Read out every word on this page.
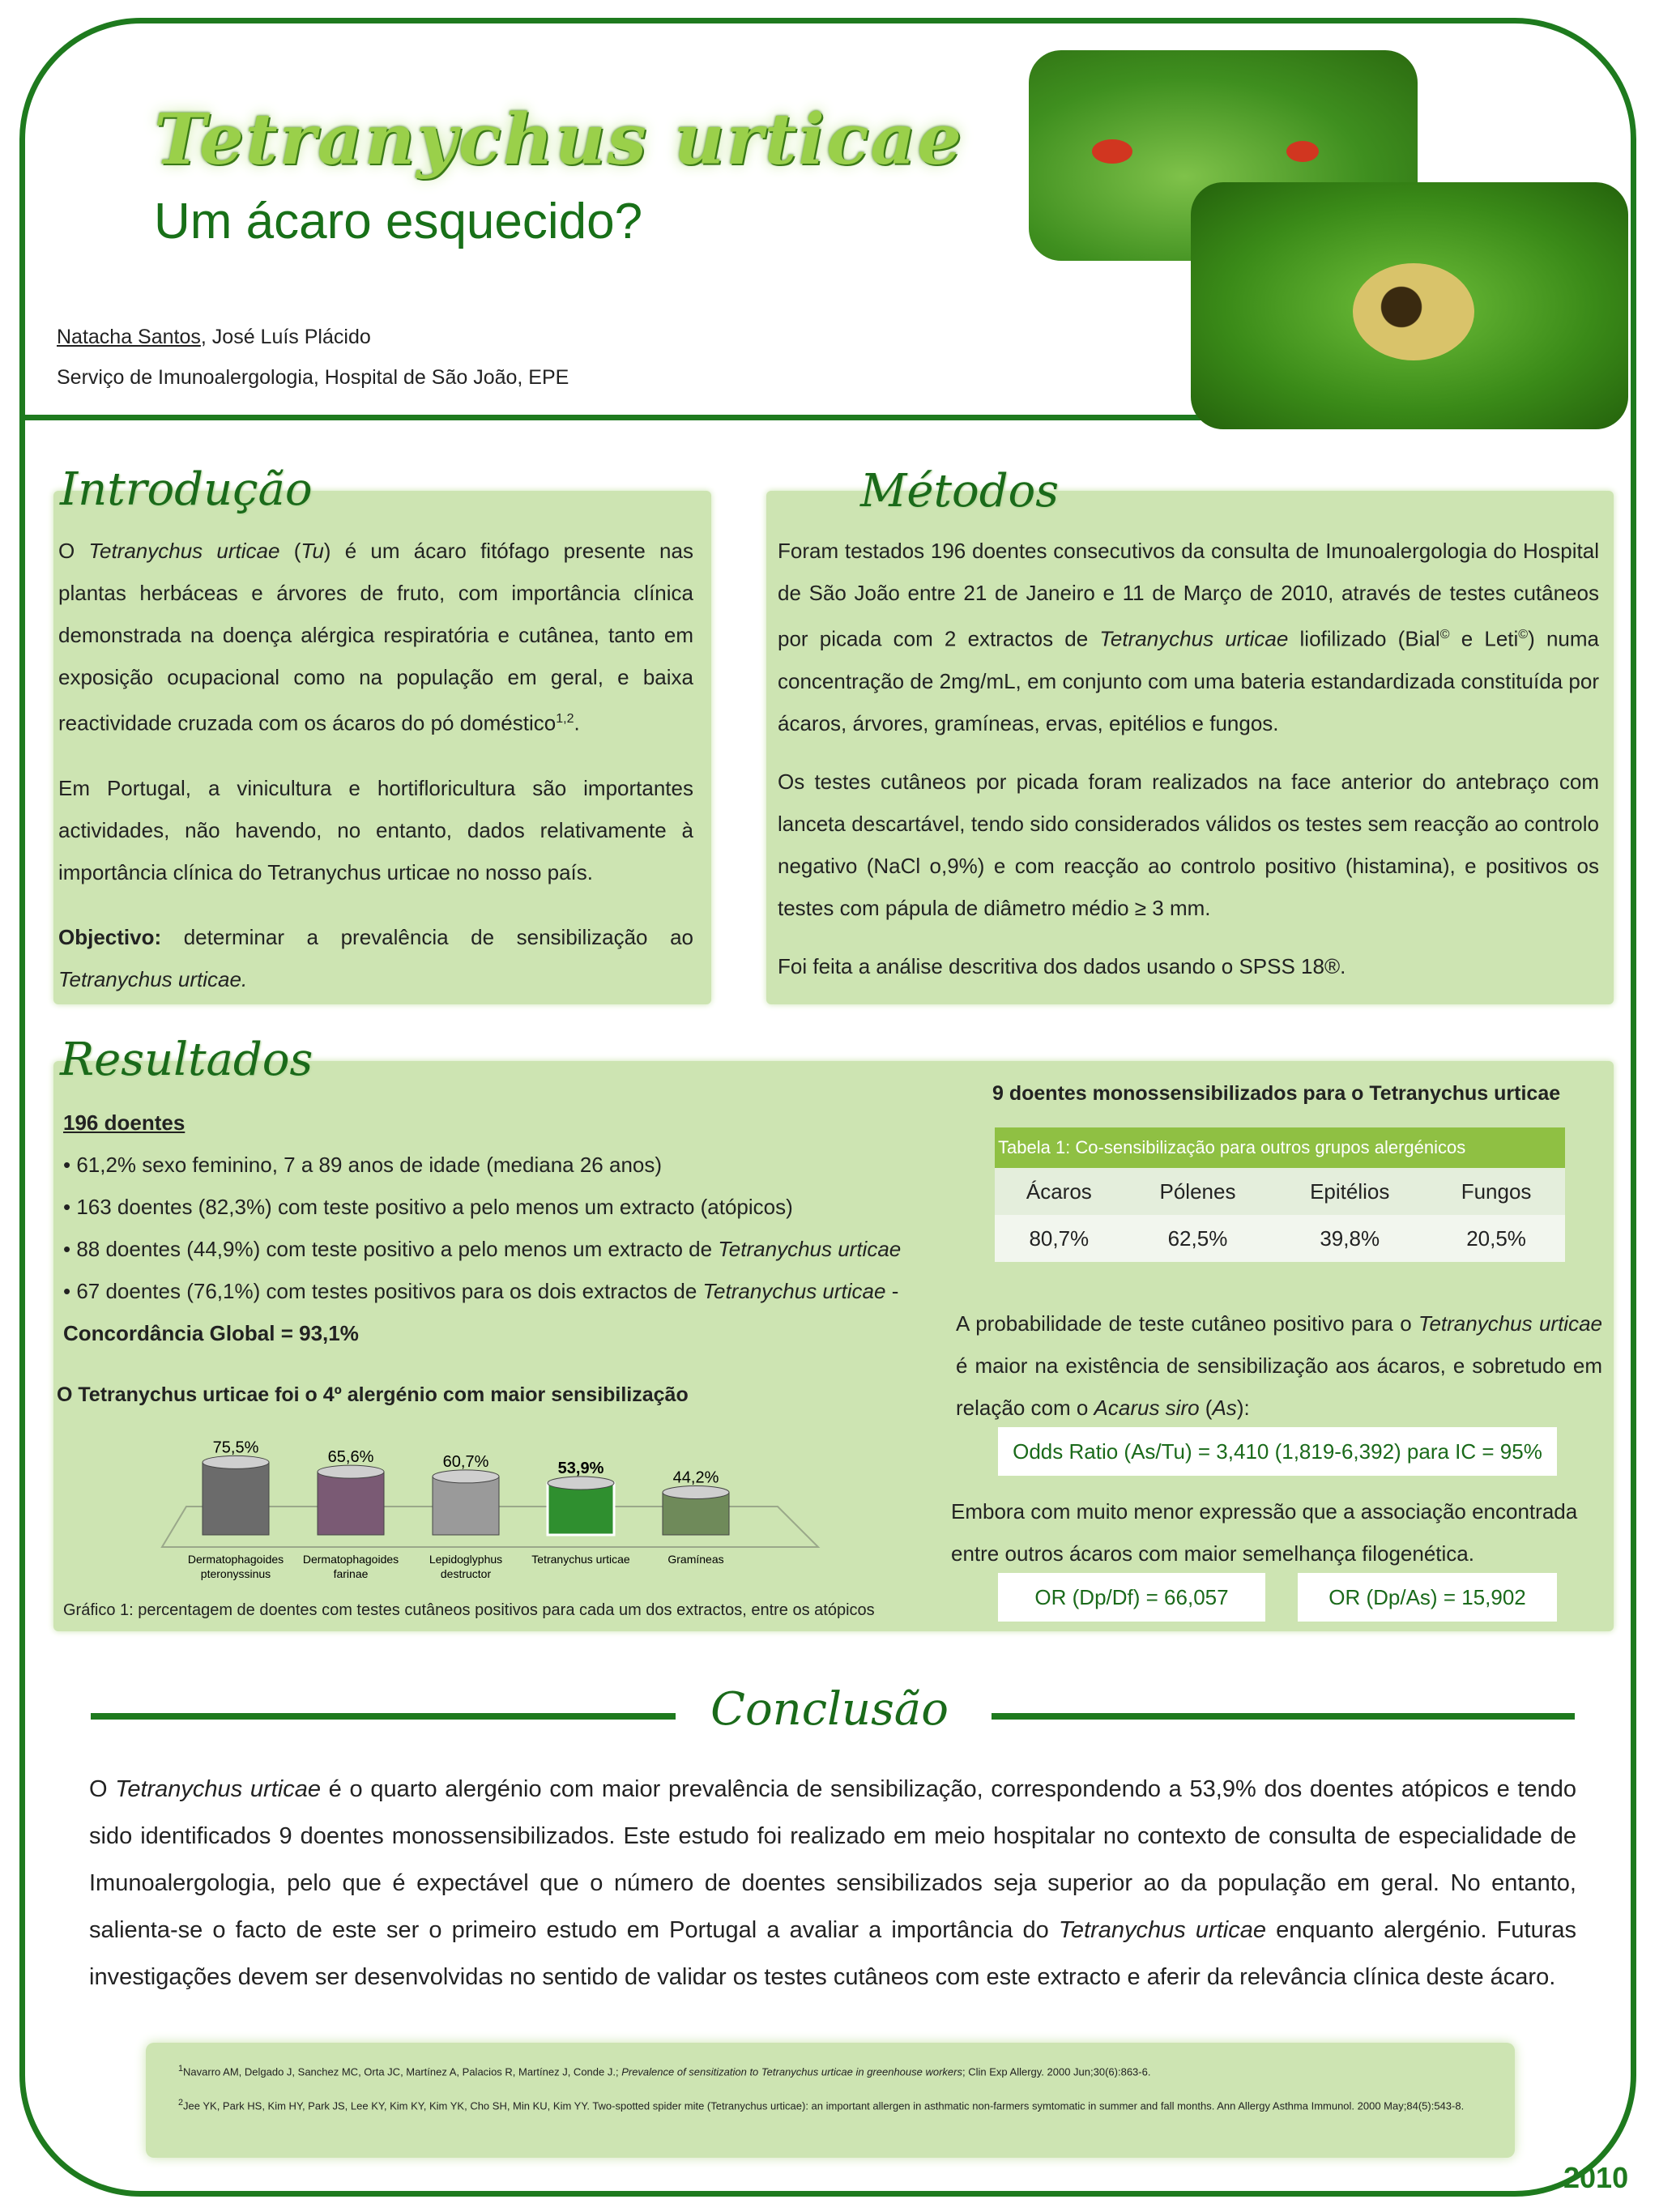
Tetranychus urticae
Um ácaro esquecido?
Natacha Santos, José Luís Plácido
Serviço de Imunoalergologia, Hospital de São João, EPE

O Tetranychus urticae (Tu) é um ácaro fitófago presente nas plantas herbáceas e árvores de fruto, com importância clínica demonstrada na doença alérgica respiratória e cutânea, tanto em exposição ocupacional como na população em geral, e baixa reactividade cruzada com os ácaros do pó doméstico$^{1,2}$.

Em Portugal, a vinicultura e hortifloricultura são importantes actividades, não havendo, no entanto, dados relativamente à importância clínica do Tetranychus urticae no nosso país.

Objectivo: determinar a prevalência de sensibilização ao Tetranychus urticae.

Introdução

Foram testados 196 doentes consecutivos da consulta de Imunoalergologia do Hospital de São João entre 21 de Janeiro e 11 de Março de 2010, através de testes cutâneos por picada com 2 extractos de Tetranychus urticae liofilizado (Bial© e Leti©) numa concentração de 2mg/mL, em conjunto com uma bateria estandardizada constituída por ácaros, árvores, gramíneas, ervas, epitélios e fungos.

Os testes cutâneos por picada foram realizados na face anterior do antebraço com lanceta descartável, tendo sido considerados válidos os testes sem reacção ao controlo negativo (NaCl o,9%) e com reacção ao controlo positivo (histamina), e positivos os testes com pápula de diâmetro médio ≥ 3 mm.

Foi feita a análise descritiva dos dados usando o SPSS 18®.

Métodos
Resultados
196 doentes
• 61,2% sexo feminino, 7 a 89 anos de idade (mediana 26 anos)
• 163 doentes (82,3%) com teste positivo a pelo menos um extracto (atópicos)
• 88 doentes (44,9%) com teste positivo a pelo menos um extracto de Tetranychus urticae
• 67 doentes (76,1%) com testes positivos para os dois extractos de Tetranychus urticae -
Concordância Global = 93,1%
O Tetranychus urticae foi o 4º alergénio com maior sensibilização
75,5%
Dermatophagoides
pteronyssinus
65,6%
Dermatophagoides
farinae
60,7%
Lepidoglyphus
destructor
53,9%
Tetranychus urticae
44,2%
Gramíneas
Gráfico 1: percentagem de doentes com testes cutâneos positivos para cada um dos extractos, entre os atópicos
9 doentes monossensibilizados para o Tetranychus urticae
Tabela 1: Co-sensibilização para outros grupos alergénicos			
Ácaros	Pólenes	Epitélios	Fungos
80,7%	62,5%	39,8%	20,5%
A probabilidade de teste cutâneo positivo para o Tetranychus urticae é maior na existência de sensibilização aos ácaros, e sobretudo em relação com o Acarus siro (As):
Odds Ratio (As/Tu) = 3,410 (1,819-6,392) para IC = 95%
Embora com muito menor expressão que a associação encontrada entre outros ácaros com maior semelhança filogenética.
OR (Dp/Df) = 66,057	OR (Dp/As) = 15,902
Conclusão

O Tetranychus urticae é o quarto alergénio com maior prevalência de sensibilização, correspondendo a 53,9% dos doentes atópicos e tendo sido identificados 9 doentes monossensibilizados. Este estudo foi realizado em meio hospitalar no contexto de consulta de especialidade de Imunoalergologia, pelo que é expectável que o número de doentes sensibilizados seja superior ao da população em geral. No entanto, salienta-se o facto de este ser o primeiro estudo em Portugal a avaliar a importância do Tetranychus urticae enquanto alergénio. Futuras investigações devem ser desenvolvidas no sentido de validar os testes cutâneos com este extracto e aferir da relevância clínica deste ácaro.

$^1$Navarro AM, Delgado J, Sanchez MC, Orta JC, Martínez A, Palacios R, Martínez J, Conde J.; Prevalence of sensitization to Tetranychus urticae in greenhouse workers; Clin Exp Allergy. 2000 Jun;30(6):863-6.

$^2$Jee YK, Park HS, Kim HY, Park JS, Lee KY, Kim KY, Kim YK, Cho SH, Min KU, Kim YY. Two-spotted spider mite (Tetranychus urticae): an important allergen in asthmatic non-farmers symtomatic in summer and fall months. Ann Allergy Asthma Immunol. 2000 May;84(5):543-8.

2010
